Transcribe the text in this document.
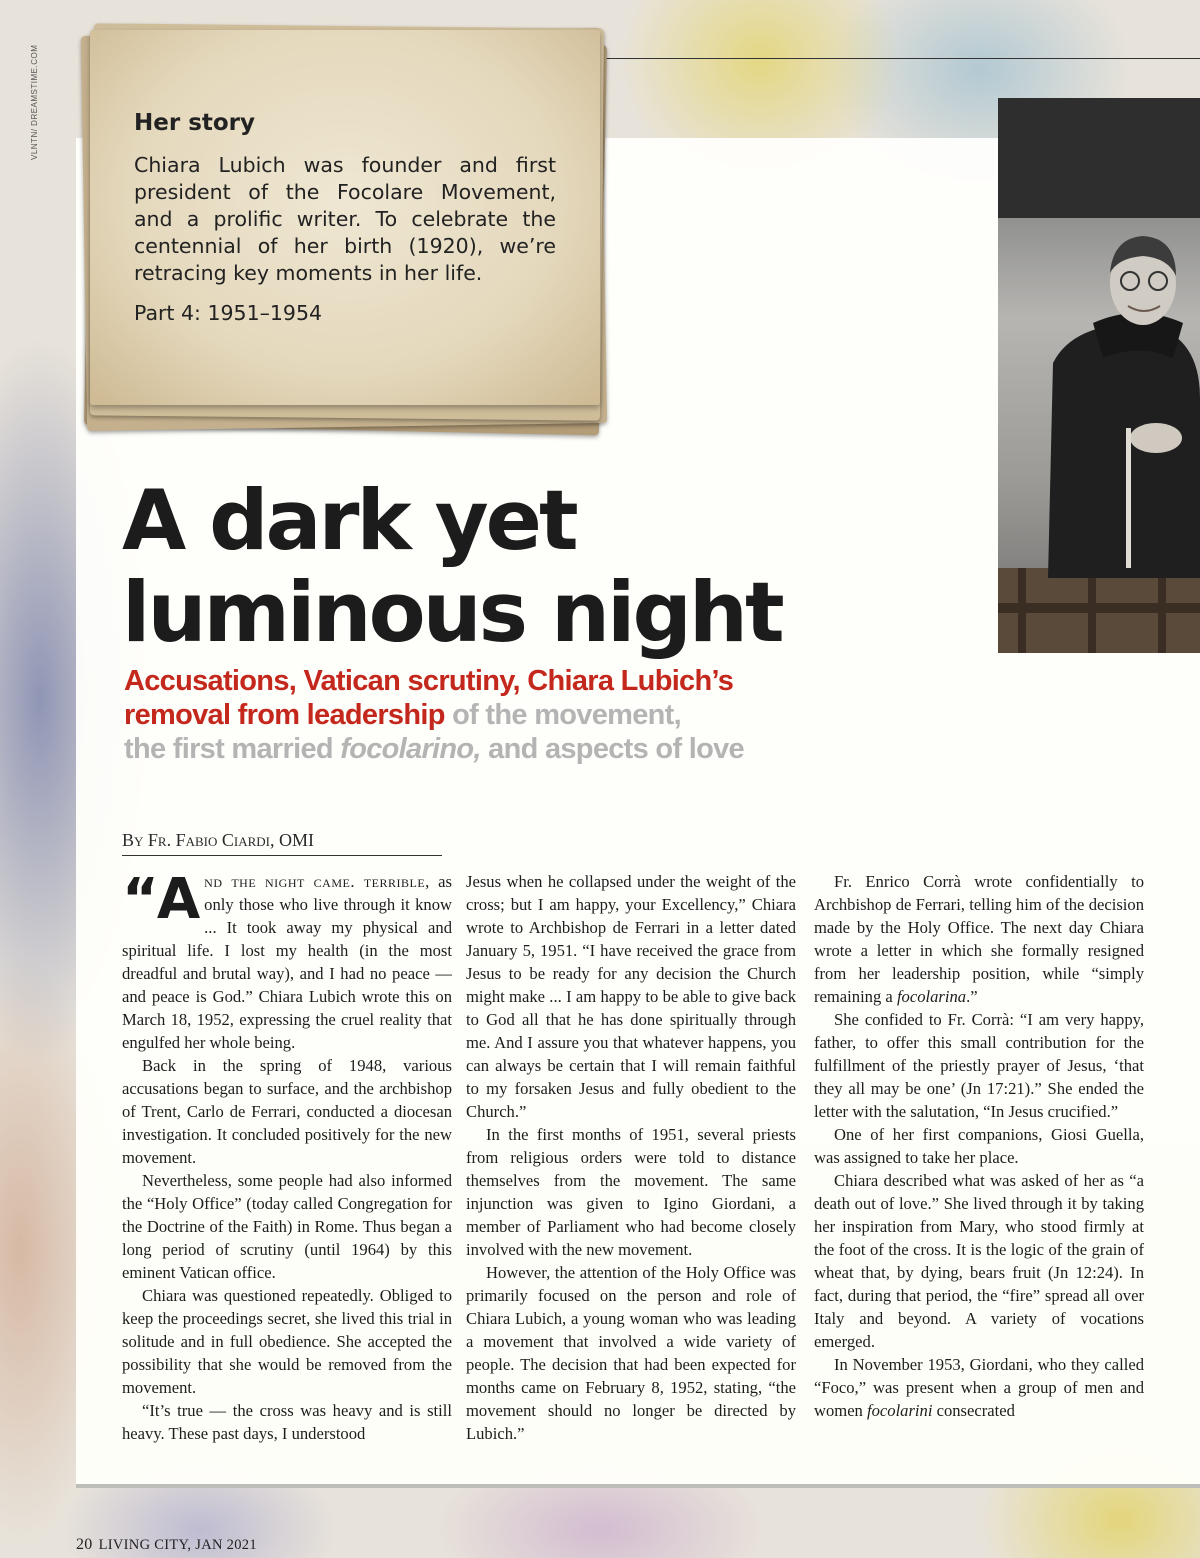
VLNTN/ DREAMSTIME.COM	Her story

Chiara Lubich was founder and first president of the Focolare Movement, and a prolific writer. To celebrate the centennial of her birth (1920), we’re retracing key moments in her life.

Part 4: 1951–1954

A dark yet
luminous night
Accusations, Vatican scrutiny, Chiara Lubich’s
removal from leadership of the movement,
the first married focolarino, and aspects of love
By Fr. Fabio Ciardi, OMI

“A nd the night came. terrible, as only those who live through it know ... It took away my physical and spiritual life. I lost my health (in the most dreadful and brutal way), and I had no peace — and peace is God.” Chiara Lubich wrote this on March 18, 1952, expressing the cruel reality that engulfed her whole being.

Back in the spring of 1948, various accusations began to surface, and the archbishop of Trent, Carlo de Ferrari, conducted a diocesan investigation. It concluded positively for the new movement.

Nevertheless, some people had also informed the “Holy Office” (today called Congregation for the Doctrine of the Faith) in Rome. Thus began a long period of scrutiny (until 1964) by this eminent Vatican office.

Chiara was questioned repeatedly. Obliged to keep the proceedings secret, she lived this trial in solitude and in full obedience. She accepted the possibility that she would be removed from the movement.

“It’s true — the cross was heavy and is still heavy. These past days, I understood

Jesus when he collapsed under the weight of the cross; but I am happy, your Excellency,” Chiara wrote to Archbishop de Ferrari in a letter dated January 5, 1951. “I have received the grace from Jesus to be ready for any decision the Church might make ... I am happy to be able to give back to God all that he has done spiritually through me. And I assure you that whatever happens, you can always be certain that I will remain faithful to my forsaken Jesus and fully obedient to the Church.”

In the first months of 1951, several priests from religious orders were told to distance themselves from the movement. The same injunction was given to Igino Giordani, a member of Parliament who had become closely involved with the new movement.

However, the attention of the Holy Office was primarily focused on the person and role of Chiara Lubich, a young woman who was leading a movement that involved a wide variety of people. The decision that had been expected for months came on February 8, 1952, stating, “the movement should no longer be directed by Lubich.”

Fr. Enrico Corrà wrote confidentially to Archbishop de Ferrari, telling him of the decision made by the Holy Office. The next day Chiara wrote a letter in which she formally resigned from her leadership position, while “simply remaining a focolarina.”

She confided to Fr. Corrà: “I am very happy, father, to offer this small contribution for the fulfillment of the priestly prayer of Jesus, ‘that they all may be one’ (Jn 17:21).” She ended the letter with the salutation, “In Jesus crucified.”

One of her first companions, Giosi Guella, was assigned to take her place.

Chiara described what was asked of her as “a death out of love.” She lived through it by taking her inspiration from Mary, who stood firmly at the foot of the cross. It is the logic of the grain of wheat that, by dying, bears fruit (Jn 12:24). In fact, during that period, the “fire” spread all over Italy and beyond. A variety of vocations emerged.

In November 1953, Giordani, who they called “Foco,” was present when a group of men and women focolarini consecrated

20 LIVING CITY, JAN 2021
